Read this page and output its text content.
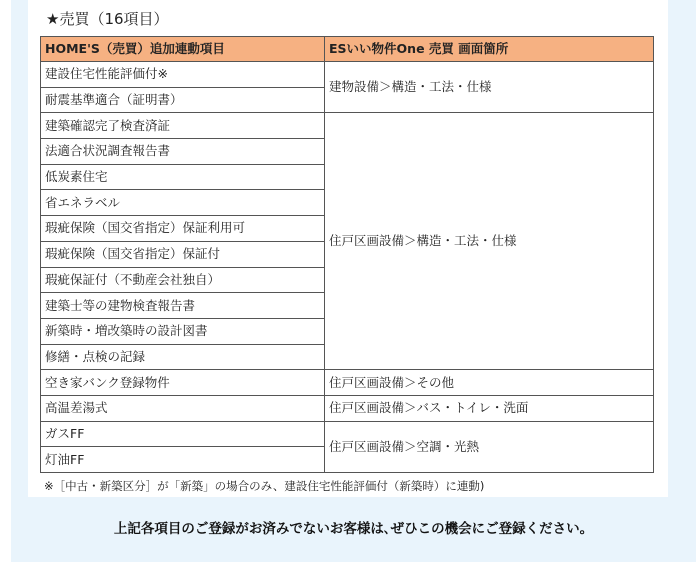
★売買（16項目）
HOME'S（売買）追加連動項目	ESいい物件One 売買 画面箇所
建設住宅性能評価付※	建物設備＞構造・工法・仕様
耐震基準適合（証明書）	
建築確認完了検査済証	住戸区画設備＞構造・工法・仕様
法適合状況調査報告書	
低炭素住宅	
省エネラベル	
瑕疵保険（国交省指定）保証利用可	
瑕疵保険（国交省指定）保証付	
瑕疵保証付（不動産会社独自）	
建築士等の建物検査報告書	
新築時・増改築時の設計図書	
修繕・点検の記録	
空き家バンク登録物件	住戸区画設備＞その他
高温差湯式	住戸区画設備＞バス・トイレ・洗面
ガスFF	住戸区画設備＞空調・光熱
灯油FF	
※［中古・新築区分］が「新築」の場合のみ、建設住宅性能評価付（新築時）に連動)
上記各項目のご登録がお済みでないお客様は､ぜひこの機会にご登録ください。
